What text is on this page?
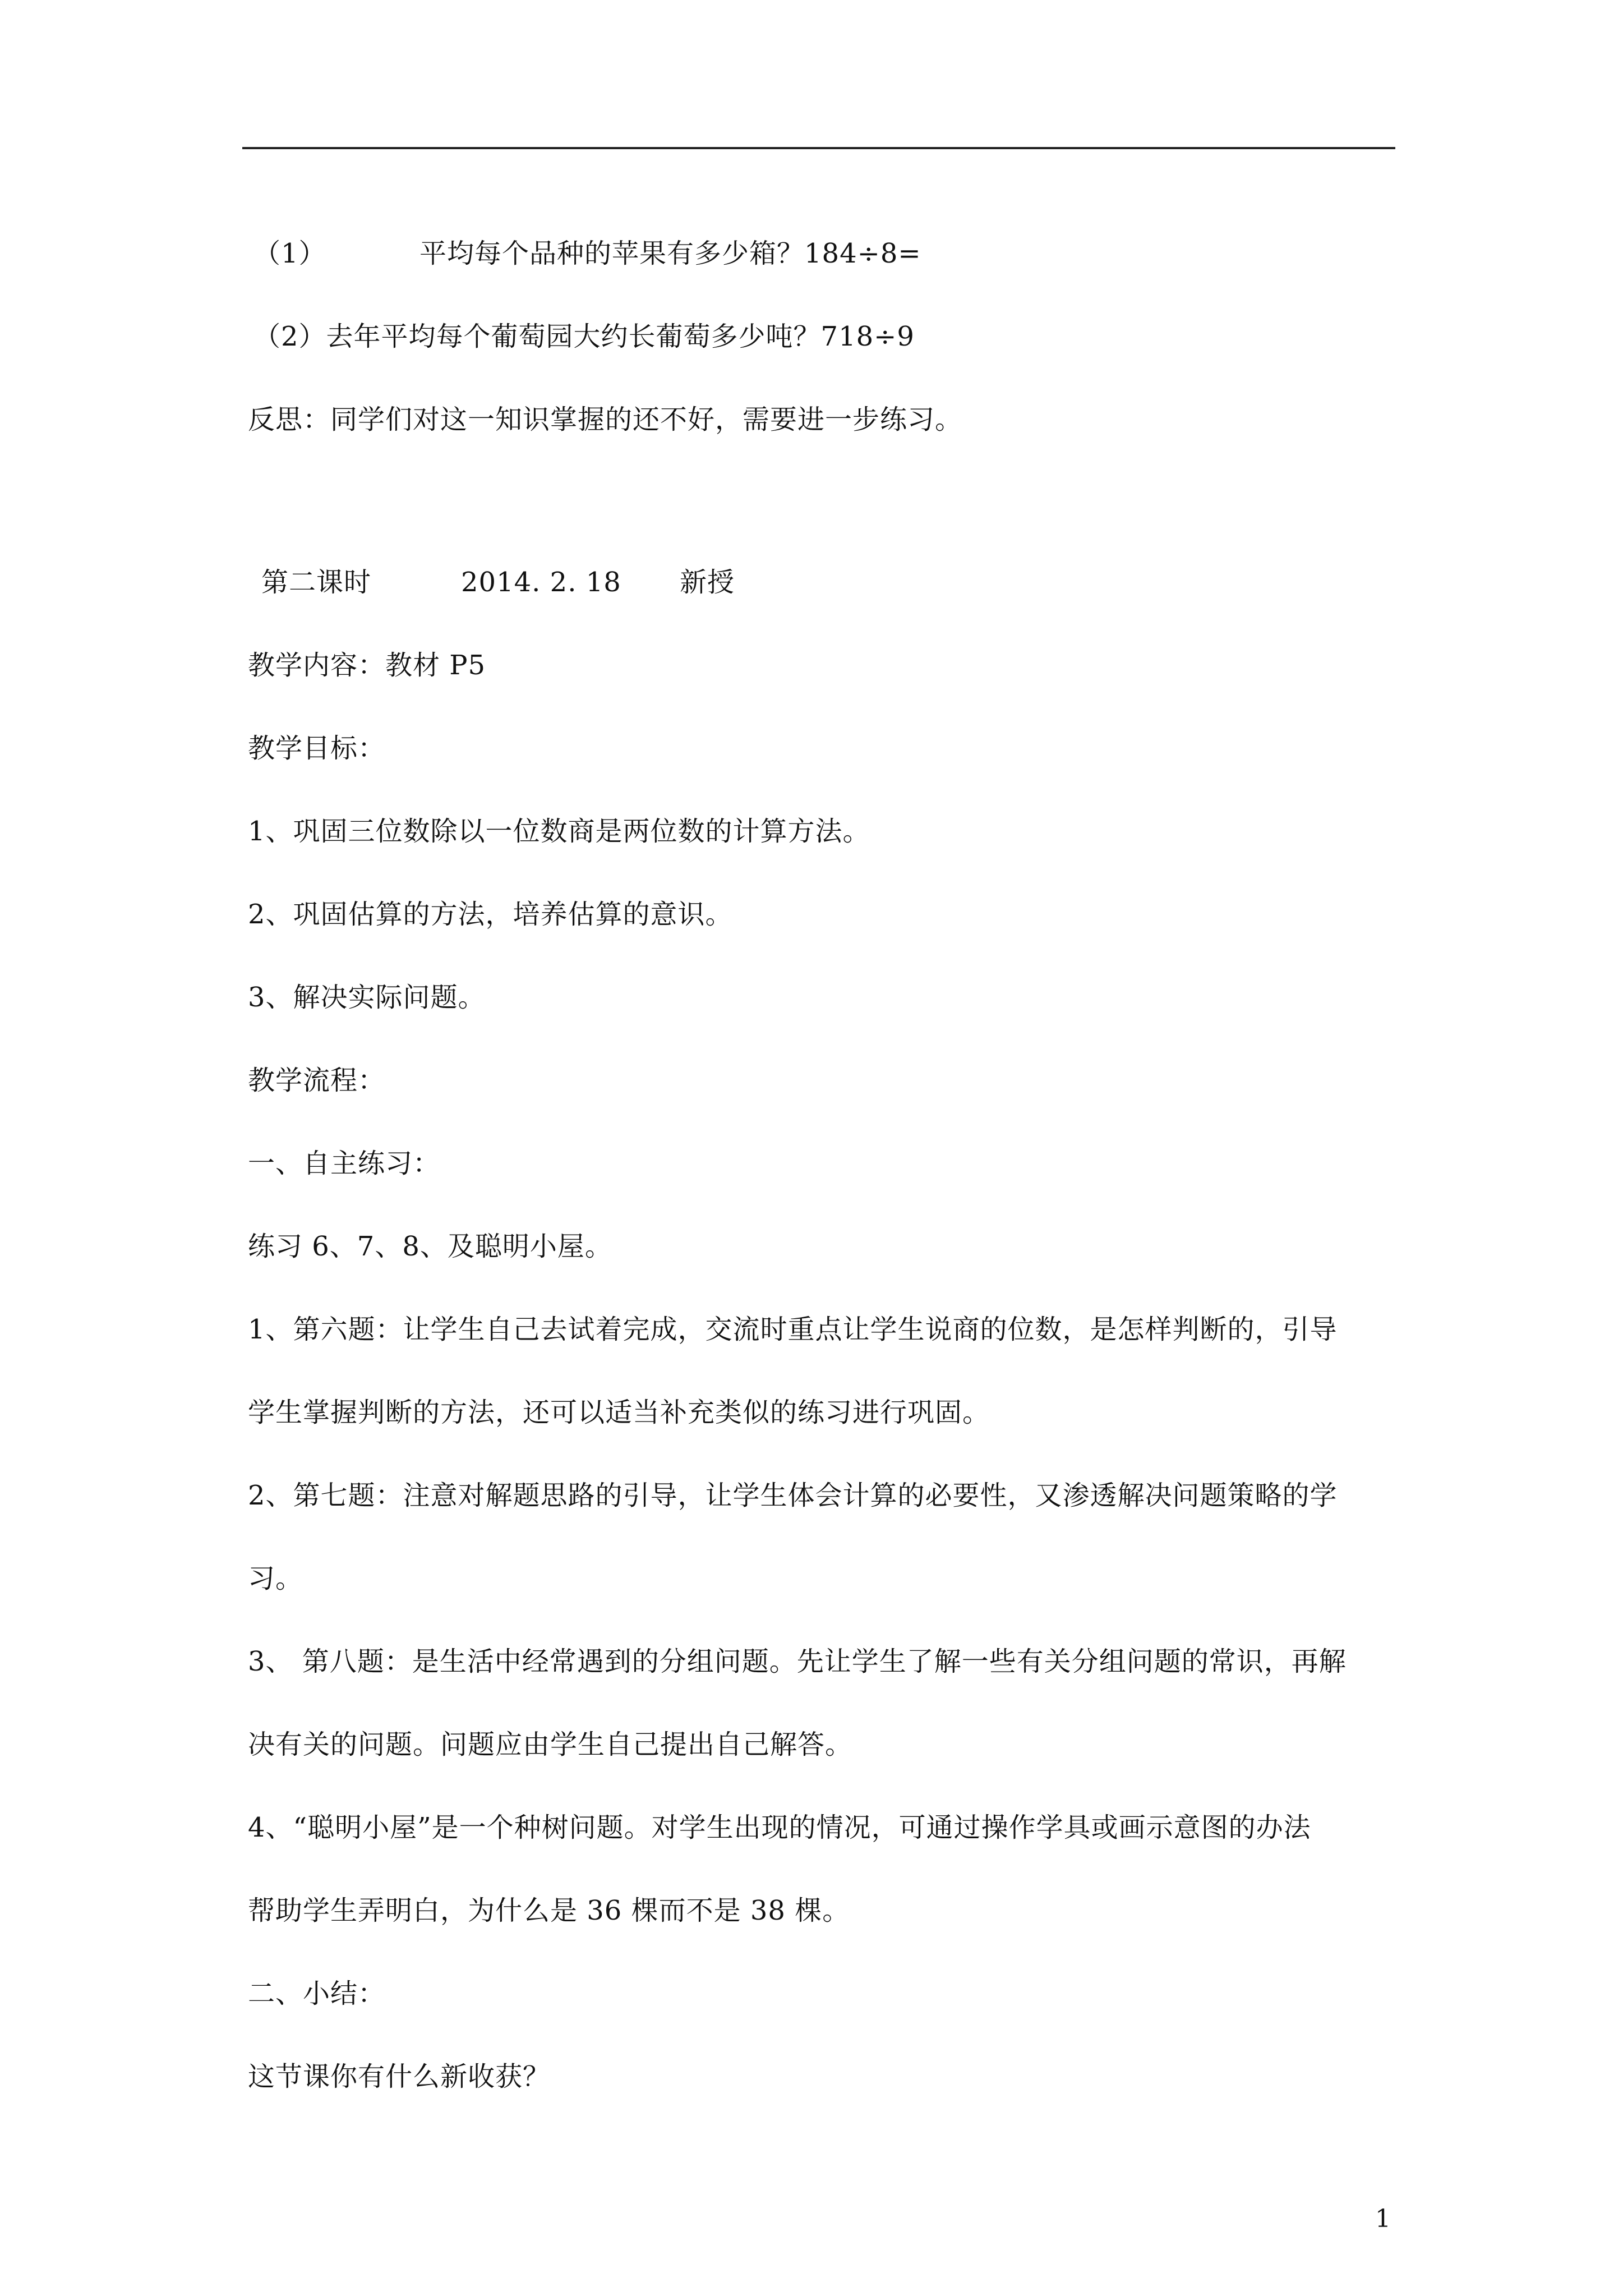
（1）	平均每个品种的苹果有多少箱？184÷8=
（2）去年平均每个葡萄园大约长葡萄多少吨？718÷9
反思：同学们对这一知识掌握的还不好，需要进一步练习。
第二课时	2014. 2. 18 新授
教学内容：教材 P5
教学目标：
1、巩固三位数除以一位数商是两位数的计算方法。
2、巩固估算的方法，培养估算的意识。
3、解决实际问题。
教学流程：
一、自主练习：
练习 6、7、8、及聪明小屋。
1、第六题：让学生自己去试着完成，交流时重点让学生说商的位数，是怎样判断的，引导
学生掌握判断的方法，还可以适当补充类似的练习进行巩固。
2、第七题：注意对解题思路的引导，让学生体会计算的必要性，又渗透解决问题策略的学
习。
3、 第八题：是生活中经常遇到的分组问题。先让学生了解一些有关分组问题的常识，再解
决有关的问题。问题应由学生自己提出自己解答。
4、“聪明小屋”是一个种树问题。对学生出现的情况，可通过操作学具或画示意图的办法
帮助学生弄明白，为什么是 36 棵而不是 38 棵。
二、小结：
这节课你有什么新收获？
1
